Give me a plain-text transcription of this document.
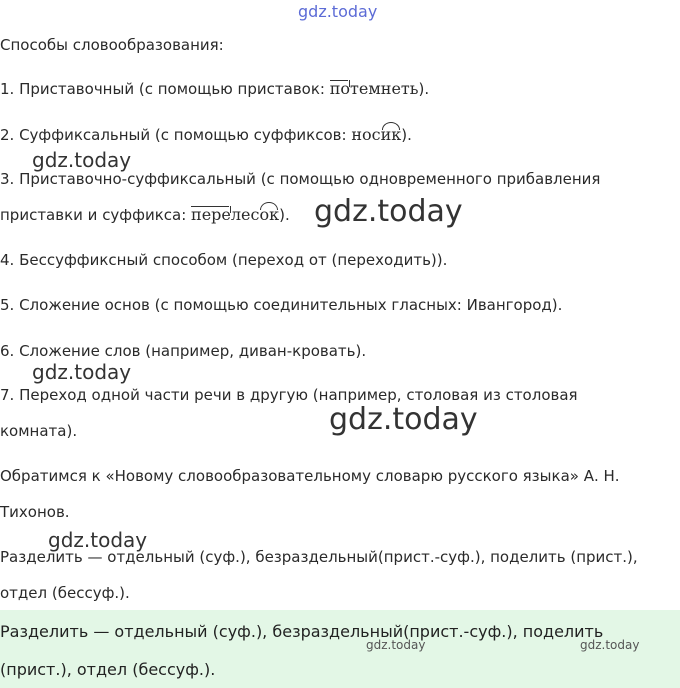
gdz.today
Способы словообразования:
1. Приставочный (с помощью приставок: потемнеть).
2. Суффиксальный (с помощью суффиксов: носик).
gdz.today
3. Приставочно-суффиксальный (с помощью одновременного прибавления
приставки и суффикса: перелесок). gdz.today
4. Бессуффиксный способом (переход от (переходить)).
5. Сложение основ (с помощью соединительных гласных: Ивангород).
6. Сложение слов (например, диван-кровать).
gdz.today
7. Переход одной части речи в другую (например, столовая из столовая
комната).	gdz.today
Обратимся к «Новому словообразовательному словарю русского языка» А. Н.
Тихонов.
gdz.today
Разделить — отдельный (суф.), безраздельный(прист.-суф.), поделить (прист.),
отдел (бессуф.).
Разделить — отдельный (суф.), безраздельный(прист.-суф.), поделить
gdz.today	gdz.today
(прист.), отдел (бессуф.).
